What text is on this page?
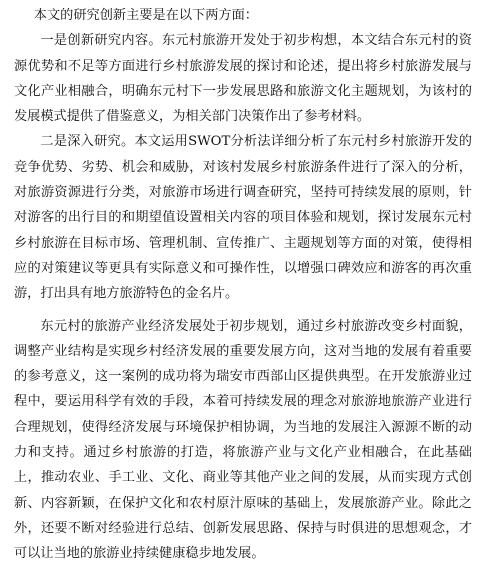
本文的研究创新主要是在以下两方面：

一是创新研究内容。东元村旅游开发处于初步构想，本文结合东元村的资源优势和不足等方面进行乡村旅游发展的探讨和论述，提出将乡村旅游发展与文化产业相融合，明确东元村下一步发展思路和旅游文化主题规划，为该村的发展模式提供了借鉴意义，为相关部门决策作出了参考材料。

二是深入研究。本文运用SWOT分析法详细分析了东元村乡村旅游开发的竞争优势、劣势、机会和威胁，对该村发展乡村旅游条件进行了深入的分析，对旅游资源进行分类，对旅游市场进行调查研究，坚持可持续发展的原则，针对游客的出行目的和期望值设置相关内容的项目体验和规划，探讨发展东元村乡村旅游在目标市场、管理机制、宣传推广、主题规划等方面的对策，使得相应的对策建议等更具有实际意义和可操作性，以增强口碑效应和游客的再次重游，打出具有地方旅游特色的金名片。

东元村的旅游产业经济发展处于初步规划，通过乡村旅游改变乡村面貌，调整产业结构是实现乡村经济发展的重要发展方向，这对当地的发展有着重要的参考意义，这一案例的成功将为瑞安市西部山区提供典型。在开发旅游业过程中，要运用科学有效的手段，本着可持续发展的理念对旅游地旅游产业进行合理规划，使得经济发展与环境保护相协调，为当地的发展注入源源不断的动力和支持。通过乡村旅游的打造，将旅游产业与文化产业相融合，在此基础上，推动农业、手工业、文化、商业等其他产业之间的发展，从而实现方式创新、内容新颖，在保护文化和农村原汁原味的基础上，发展旅游产业。除此之外，还要不断对经验进行总结、创新发展思路、保持与时俱进的思想观念，才可以让当地的旅游业持续健康稳步地发展。
